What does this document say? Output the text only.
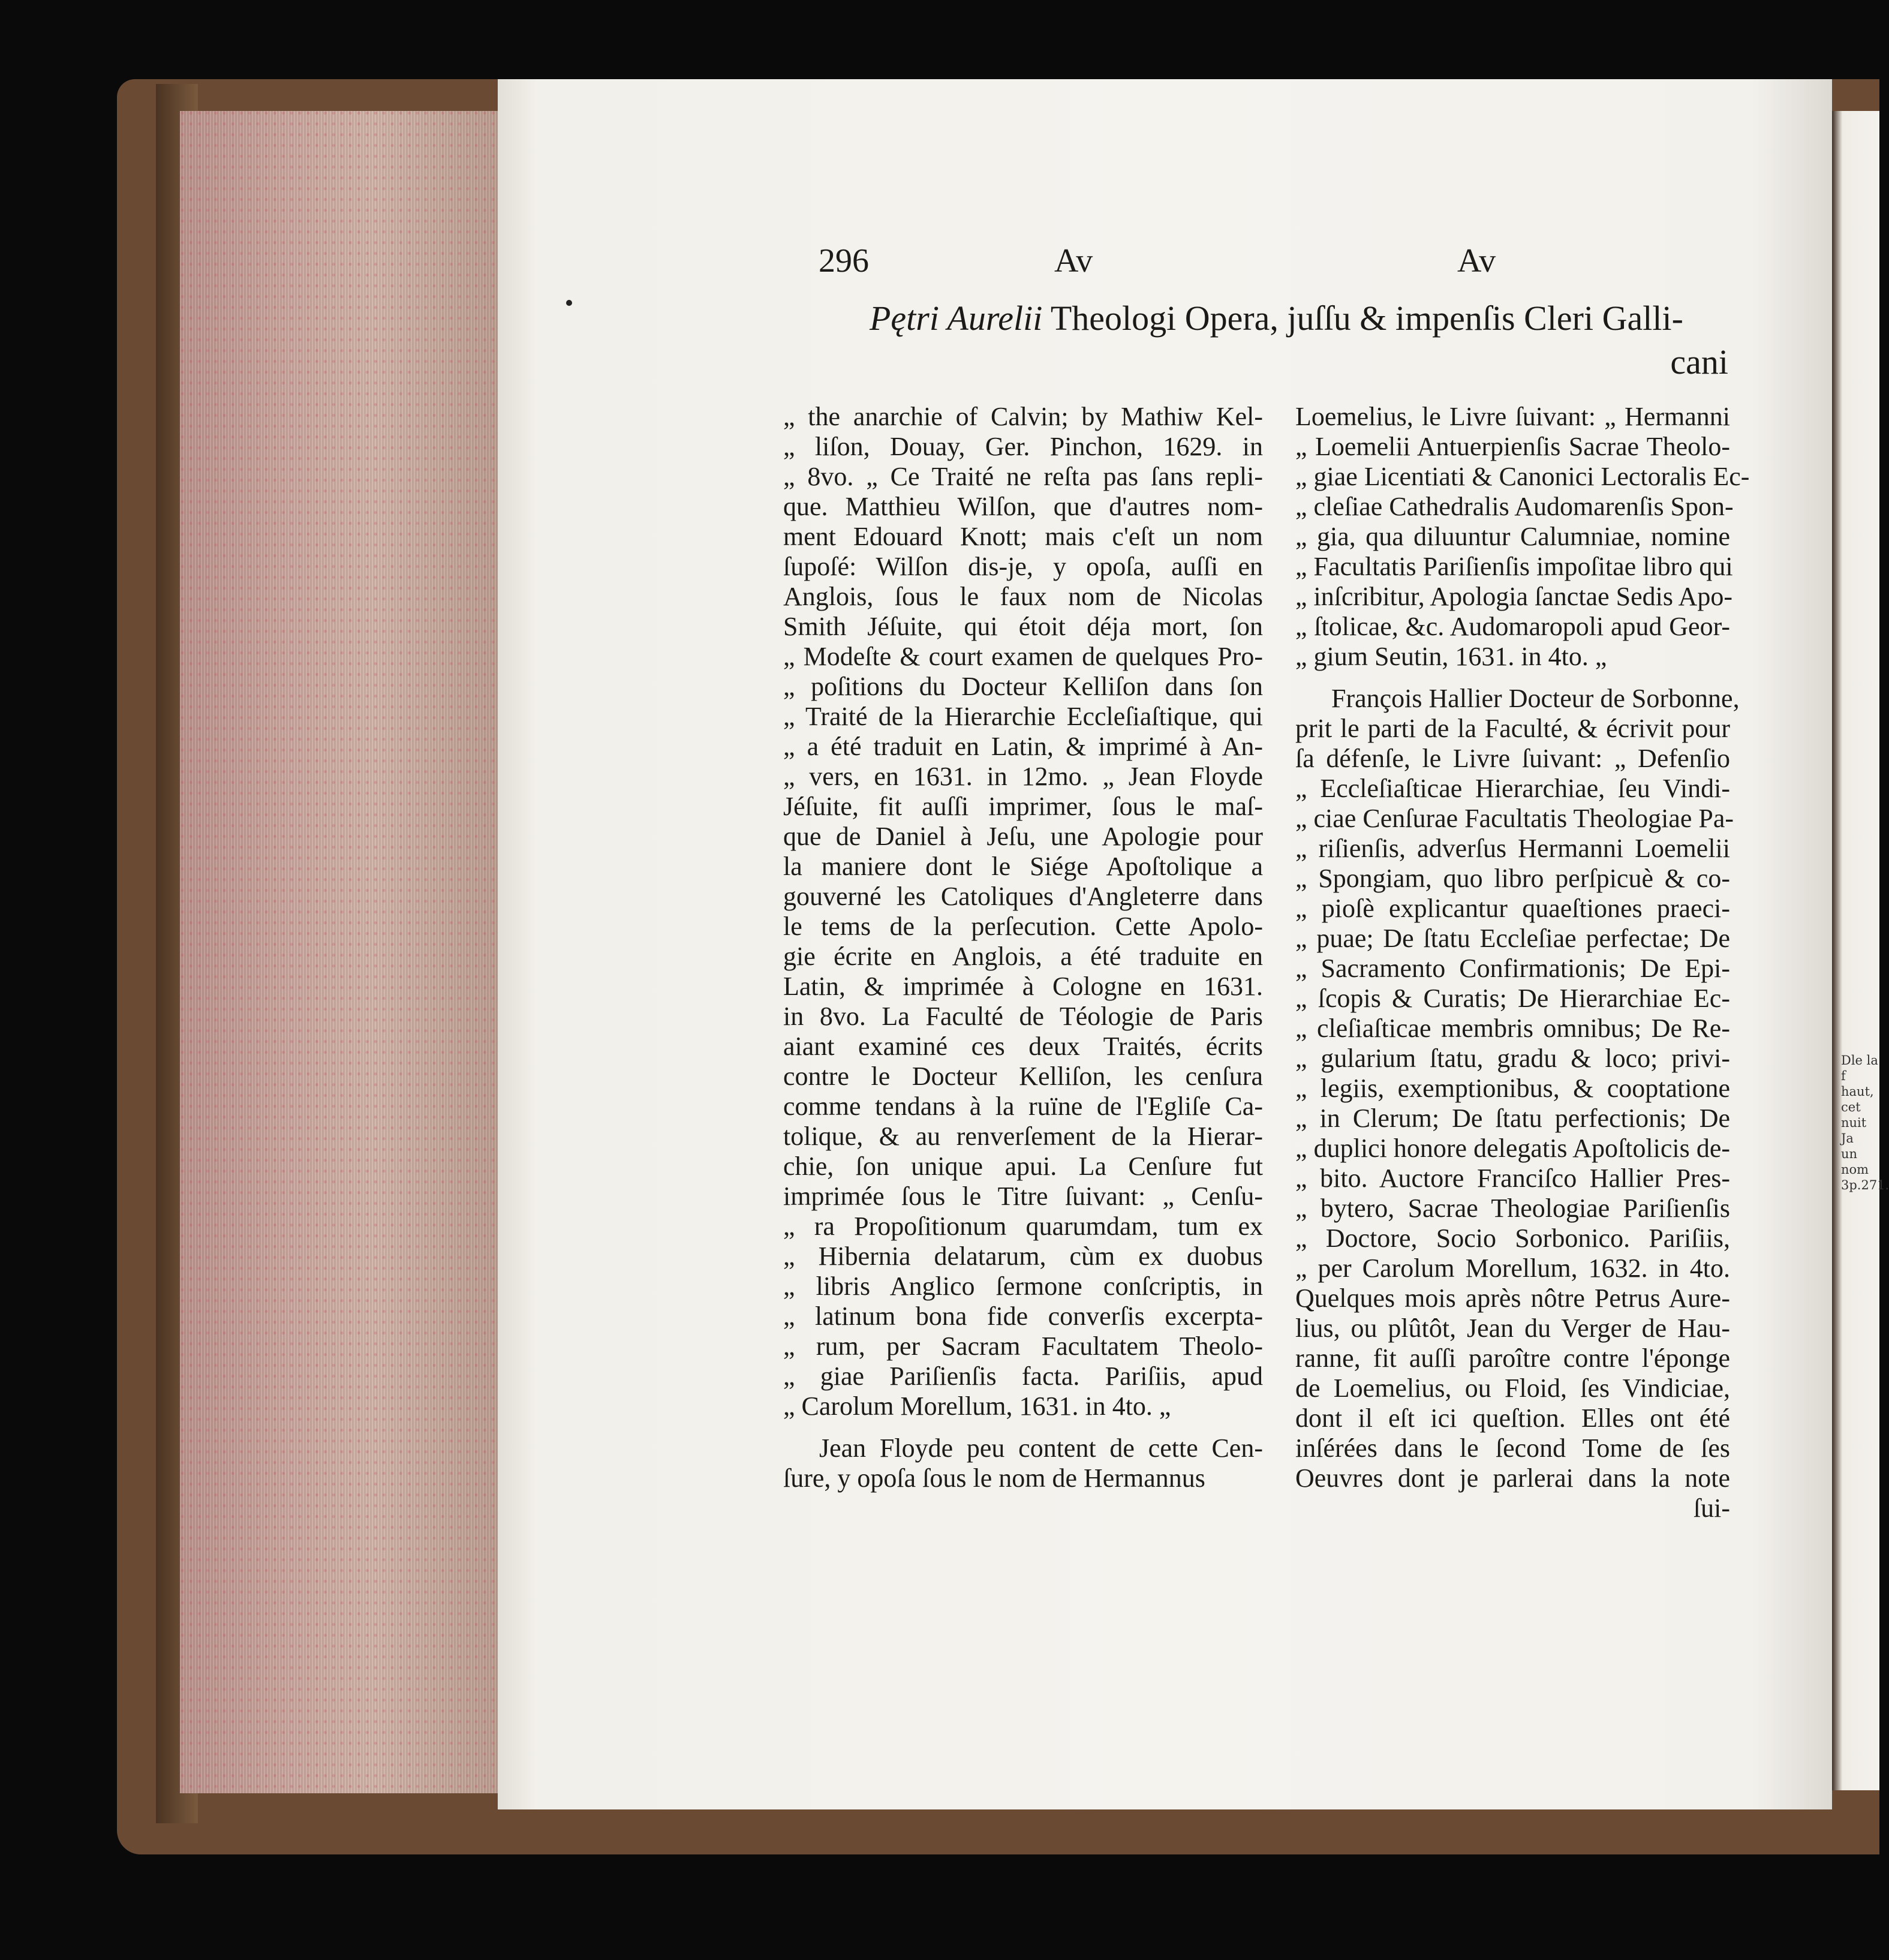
Dle la f
haut, cet
nuit Ja
un nom
3p.271.
296	Av	Av
Pętri Aurelii Theologi Opera, juſſu & impenſis Cleri Galli-
cani
„ the anarchie of Calvin; by Mathiw Kel-
„ liſon, Douay, Ger. Pinchon, 1629. in
„ 8vo. „ Ce Traité ne reſta pas ſans repli-
que. Matthieu Wilſon, que d'autres nom-
ment Edouard Knott; mais c'eſt un nom
ſupoſé: Wilſon dis-je, y opoſa, auſſi en
Anglois, ſous le faux nom de Nicolas
Smith Jéſuite, qui étoit déja mort, ſon
„ Modeſte & court examen de quelques Pro-
„ poſitions du Docteur Kelliſon dans ſon
„ Traité de la Hierarchie Eccleſiaſtique, qui
„ a été traduit en Latin, & imprimé à An-
„ vers, en 1631. in 12mo. „ Jean Floyde
Jéſuite, fit auſſi imprimer, ſous le maſ-
que de Daniel à Jeſu, une Apologie pour
la maniere dont le Siége Apoſtolique a
gouverné les Catoliques d'Angleterre dans
le tems de la perſecution. Cette Apolo-
gie écrite en Anglois, a été traduite en
Latin, & imprimée à Cologne en 1631.
in 8vo. La Faculté de Téologie de Paris
aiant examiné ces deux Traités, écrits
contre le Docteur Kelliſon, les cenſura
comme tendans à la ruïne de l'Egliſe Ca-
tolique, & au renverſement de la Hierar-
chie, ſon unique apui. La Cenſure fut
imprimée ſous le Titre ſuivant: „ Cenſu-
„ ra Propoſitionum quarumdam, tum ex
„ Hibernia delatarum, cùm ex duobus
„ libris Anglico ſermone conſcriptis, in
„ latinum bona fide converſis excerpta-
„ rum, per Sacram Facultatem Theolo-
„ giae Pariſienſis facta. Pariſiis, apud
„ Carolum Morellum, 1631. in 4to. „
Jean Floyde peu content de cette Cen-
ſure, y opoſa ſous le nom de Hermannus
Loemelius, le Livre ſuivant: „ Hermanni
„ Loemelii Antuerpienſis Sacrae Theolo-
„ giae Licentiati & Canonici Lectoralis Ec-
„ cleſiae Cathedralis Audomarenſis Spon-
„ gia, qua diluuntur Calumniae, nomine
„ Facultatis Pariſienſis impoſitae libro qui
„ inſcribitur, Apologia ſanctae Sedis Apo-
„ ſtolicae, &c. Audomaropoli apud Geor-
„ gium Seutin, 1631. in 4to. „
François Hallier Docteur de Sorbonne,
prit le parti de la Faculté, & écrivit pour
ſa défenſe, le Livre ſuivant: „ Defenſio
„ Eccleſiaſticae Hierarchiae, ſeu Vindi-
„ ciae Cenſurae Facultatis Theologiae Pa-
„ riſienſis, adverſus Hermanni Loemelii
„ Spongiam, quo libro perſpicuè & co-
„ pioſè explicantur quaeſtiones praeci-
„ puae; De ſtatu Eccleſiae perfectae; De
„ Sacramento Confirmationis; De Epi-
„ ſcopis & Curatis; De Hierarchiae Ec-
„ cleſiaſticae membris omnibus; De Re-
„ gularium ſtatu, gradu & loco; privi-
„ legiis, exemptionibus, & cooptatione
„ in Clerum; De ſtatu perfectionis; De
„ duplici honore delegatis Apoſtolicis de-
„ bito. Auctore Franciſco Hallier Pres-
„ bytero, Sacrae Theologiae Pariſienſis
„ Doctore, Socio Sorbonico. Pariſiis,
„ per Carolum Morellum, 1632. in 4to.
Quelques mois après nôtre Petrus Aure-
lius, ou plûtôt, Jean du Verger de Hau-
ranne, fit auſſi paroître contre l'éponge
de Loemelius, ou Floid, ſes Vindiciae,
dont il eſt ici queſtion. Elles ont été
inſérées dans le ſecond Tome de ſes
Oeuvres dont je parlerai dans la note
ſui-
